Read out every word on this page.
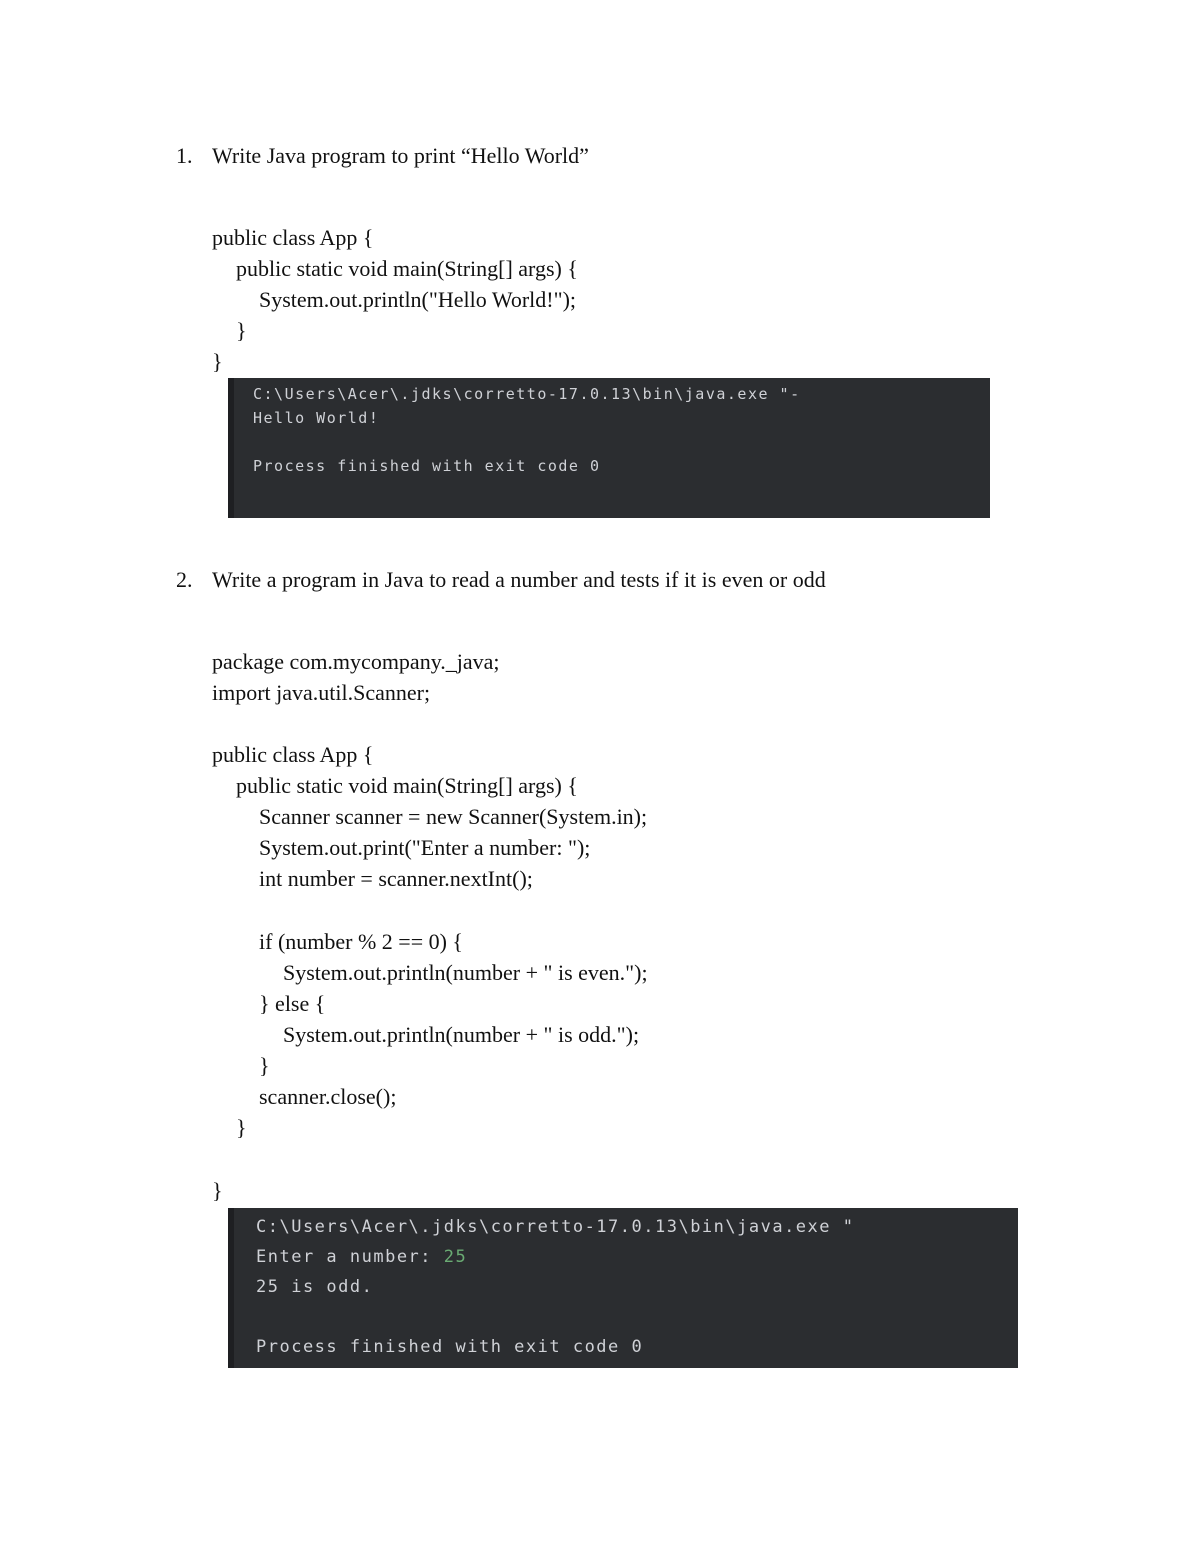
1.

Write Java program to print “Hello World”

public class App {
public static void main(String[] args) {
System.out.println("Hello World!");
}
}
C:\Users\Acer\.jdks\corretto-17.0.13\bin\java.exe "-
Hello World!
Process finished with exit code 0

2.

Write a program in Java to read a number and tests if it is even or odd

package com.mycompany._java;
import java.util.Scanner;
public class App {
public static void main(String[] args) {
Scanner scanner = new Scanner(System.in);
System.out.print("Enter a number: ");
int number = scanner.nextInt();
if (number % 2 == 0) {
System.out.println(number + " is even.");
} else {
System.out.println(number + " is odd.");
}
scanner.close();
}
}
C:\Users\Acer\.jdks\corretto-17.0.13\bin\java.exe "
Enter a number: 25
25 is odd.
Process finished with exit code 0
